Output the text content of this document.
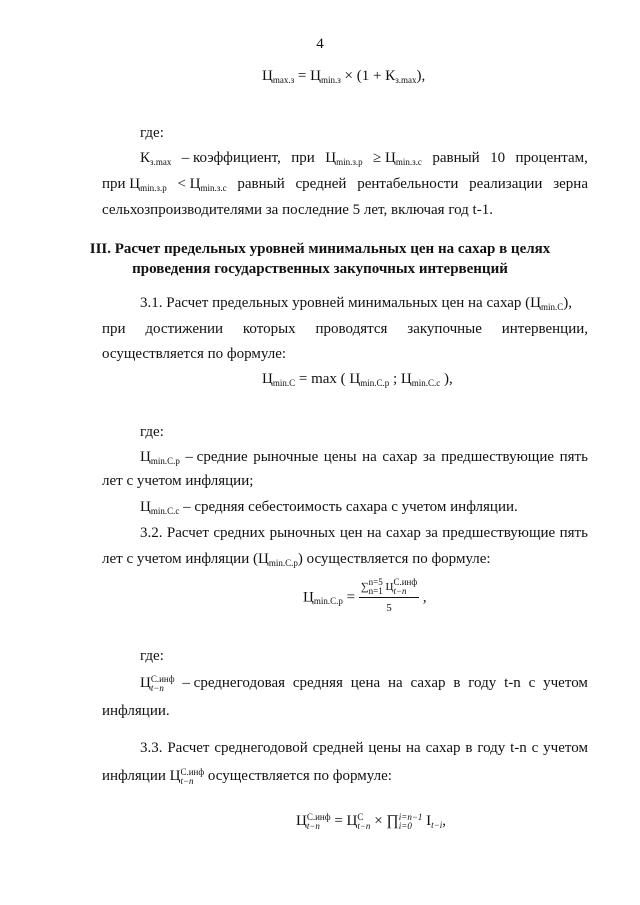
4
$Ц_{max.з} = Ц_{min.з} \times (1 + К_{з.max})$,
где:
$К_{з.max}$ – коэффициент, при $Ц_{min.з.р} \ge Ц_{min.з.с}$ равный 10 процентам,
при $Ц_{min.з.р} < Ц_{min.з.с}$ равный средней рентабельности реализации зерна
сельхозпроизводителями за последние 5 лет, включая год t-1.
III. Расчет предельных уровней минимальных цен на сахар в целях
проведения государственных закупочных интервенций
3.1. Расчет предельных уровней минимальных цен на сахар $(Ц_{min.С})$,
при достижении которых проводятся закупочные интервенции,
осуществляется по формуле:
$Ц_{min.С} = \max$ ( $Ц_{min.С.р}$ ; $Ц_{min.С.с}$ ),
где:
$Ц_{min.С.р}$ – средние рыночные цены на сахар за предшествующие пять
лет с учетом инфляции;
$Ц_{min.С.с}$ – средняя себестоимость сахара с учетом инфляции.
3.2. Расчет средних рыночных цен на сахар за предшествующие пять
лет с учетом инфляции $(Ц_{min.С.р})$ осуществляется по формуле:
$Ц_{min.С.р}$ = ∑ n=5
n=1 Ц С.инф
t−n
5 ,
где:
Ц С.инф
t−n	– среднегодовая средняя цена на сахар в году t-n с учетом
инфляции.
3.3. Расчет среднегодовой средней цены на сахар в году t-n с учетом
инфляции Ц С.инф
t−n осуществляется по формуле:
Ц С.инф
t−n = Ц С
t−n × ∏ i=n−1
i=0 $I_{t-i}$,
